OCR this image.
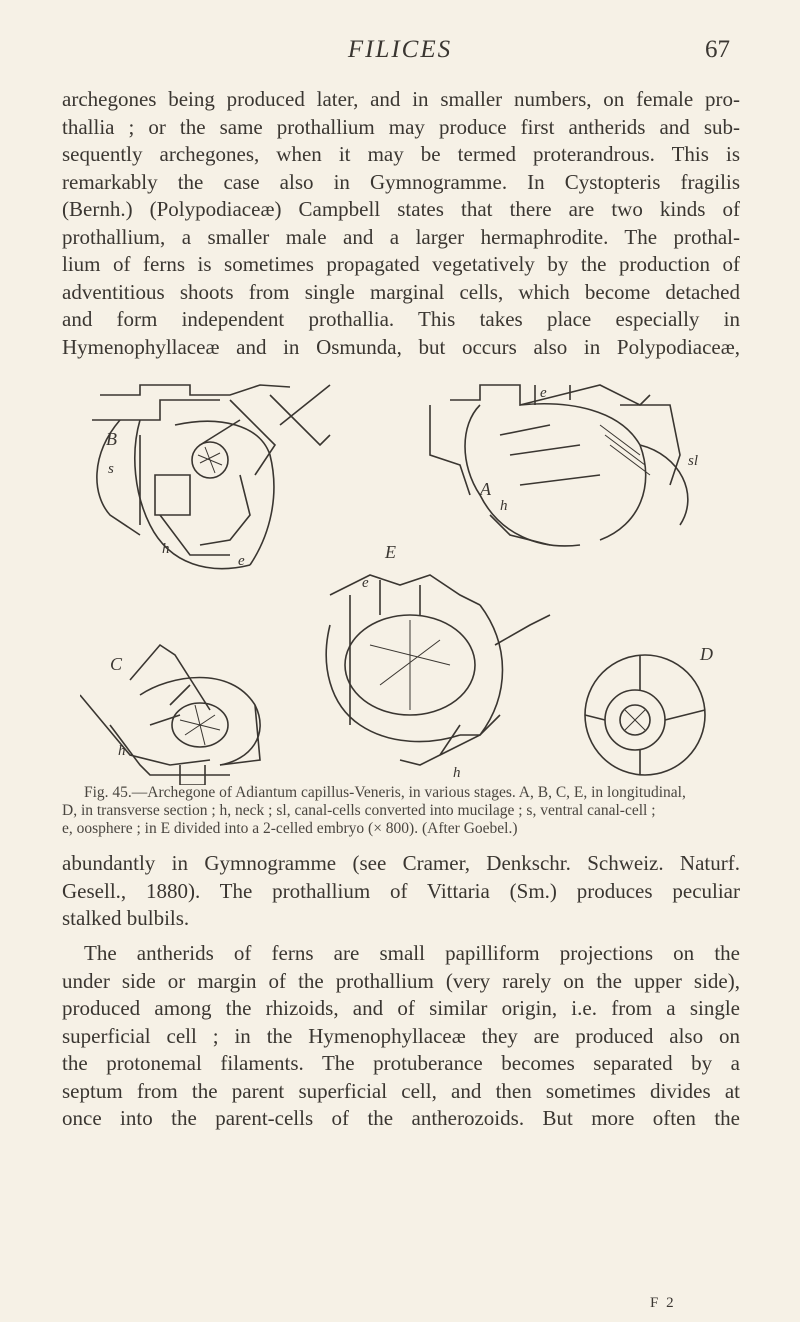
FILICES	67

archegones being produced later, and in smaller numbers, on female pro-
thallia ; or the same prothallium may produce first antherids and sub-
sequently archegones, when it may be termed proterandrous. This is
remarkably the case also in Gymnogramme. In Cystopteris fragilis
(Bernh.) (Polypodiaceæ) Campbell states that there are two kinds of
prothallium, a smaller male and a larger hermaphrodite. The prothal-
lium of ferns is sometimes propagated vegetatively by the production of
adventitious shoots from single marginal cells, which become detached
and form independent prothallia. This takes place especially in
Hymenophyllaceæ and in Osmunda, but occurs also in Polypodiaceæ,

B
s
h
e
C
h
A
e
h
sl
E
e
h
D

Fig. 45.—Archegone of Adiantum capillus-Veneris, in various stages. A, B, C, E, in longitudinal,
D, in transverse section ; h, neck ; sl, canal-cells converted into mucilage ; s, ventral canal-cell ;
e, oosphere ; in E divided into a 2-celled embryo (× 800). (After Goebel.)

abundantly in Gymnogramme (see Cramer, Denkschr. Schweiz. Naturf.
Gesell., 1880). The prothallium of Vittaria (Sm.) produces peculiar
stalked bulbils.

The antherids of ferns are small papilliform projections on the
under side or margin of the prothallium (very rarely on the upper side),
produced among the rhizoids, and of similar origin, i.e. from a single
superficial cell ; in the Hymenophyllaceæ they are produced also on
the protonemal filaments. The protuberance becomes separated by a
septum from the parent superficial cell, and then sometimes divides at
once into the parent-cells of the antherozoids. But more often the

F 2
